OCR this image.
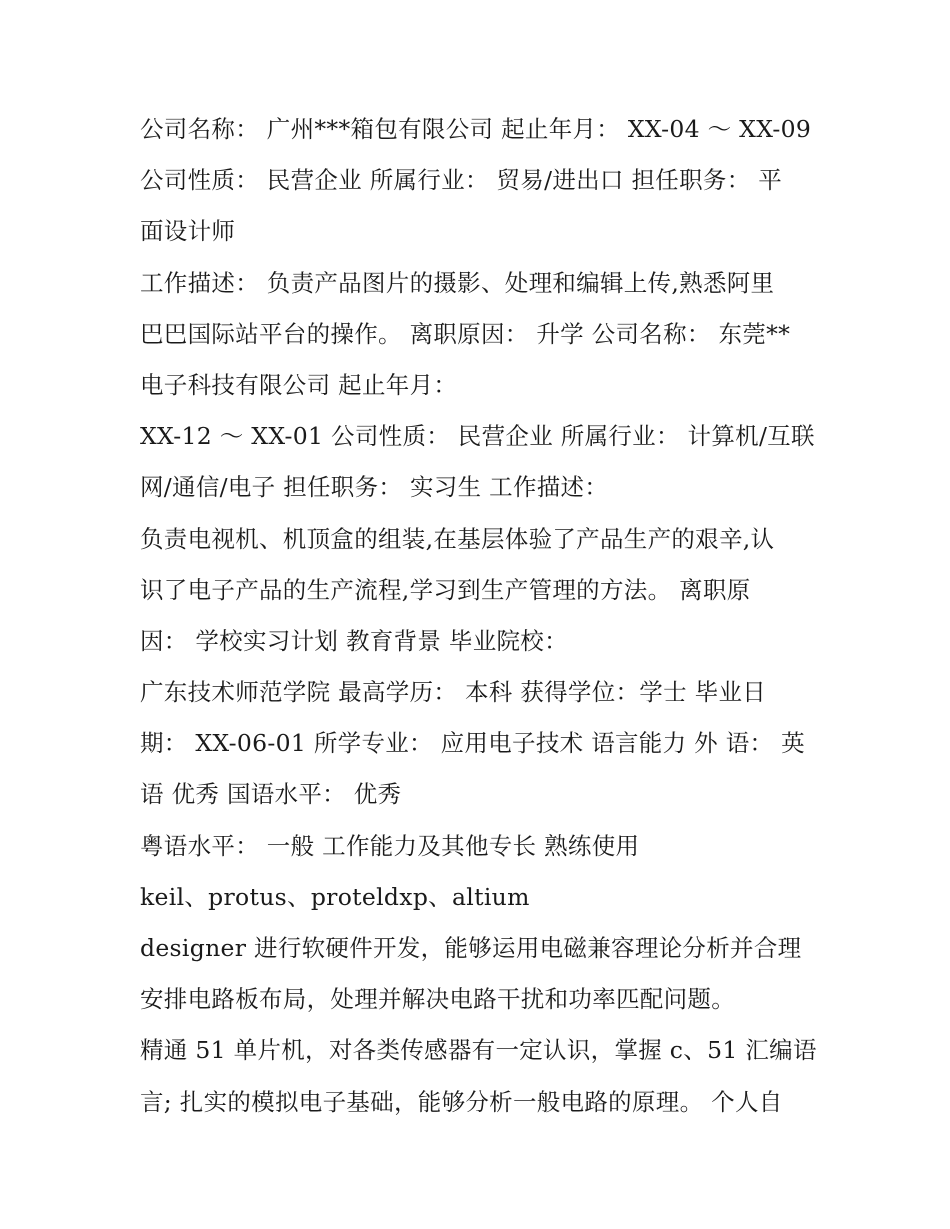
公司名称： 广州***箱包有限公司 起止年月： XX-04 ～ XX-09
公司性质： 民营企业 所属行业： 贸易/进出口 担任职务： 平
面设计师
工作描述： 负责产品图片的摄影、处理和编辑上传,熟悉阿里
巴巴国际站平台的操作。 离职原因： 升学 公司名称： 东莞**
电子科技有限公司 起止年月：
XX-12 ～ XX-01 公司性质： 民营企业 所属行业： 计算机/互联
网/通信/电子 担任职务： 实习生 工作描述：
负责电视机、机顶盒的组装,在基层体验了产品生产的艰辛,认
识了电子产品的生产流程,学习到生产管理的方法。 离职原
因： 学校实习计划 教育背景 毕业院校：
广东技术师范学院 最高学历： 本科 获得学位：学士 毕业日
期： XX-06-01 所学专业： 应用电子技术 语言能力 外 语： 英
语 优秀 国语水平： 优秀
粤语水平： 一般 工作能力及其他专长 熟练使用
keil、protus、proteldxp、altium
designer 进行软硬件开发，能够运用电磁兼容理论分析并合理
安排电路板布局，处理并解决电路干扰和功率匹配问题。
精通 51 单片机，对各类传感器有一定认识，掌握 c、51 汇编语
言; 扎实的模拟电子基础，能够分析一般电路的原理。 个人自
